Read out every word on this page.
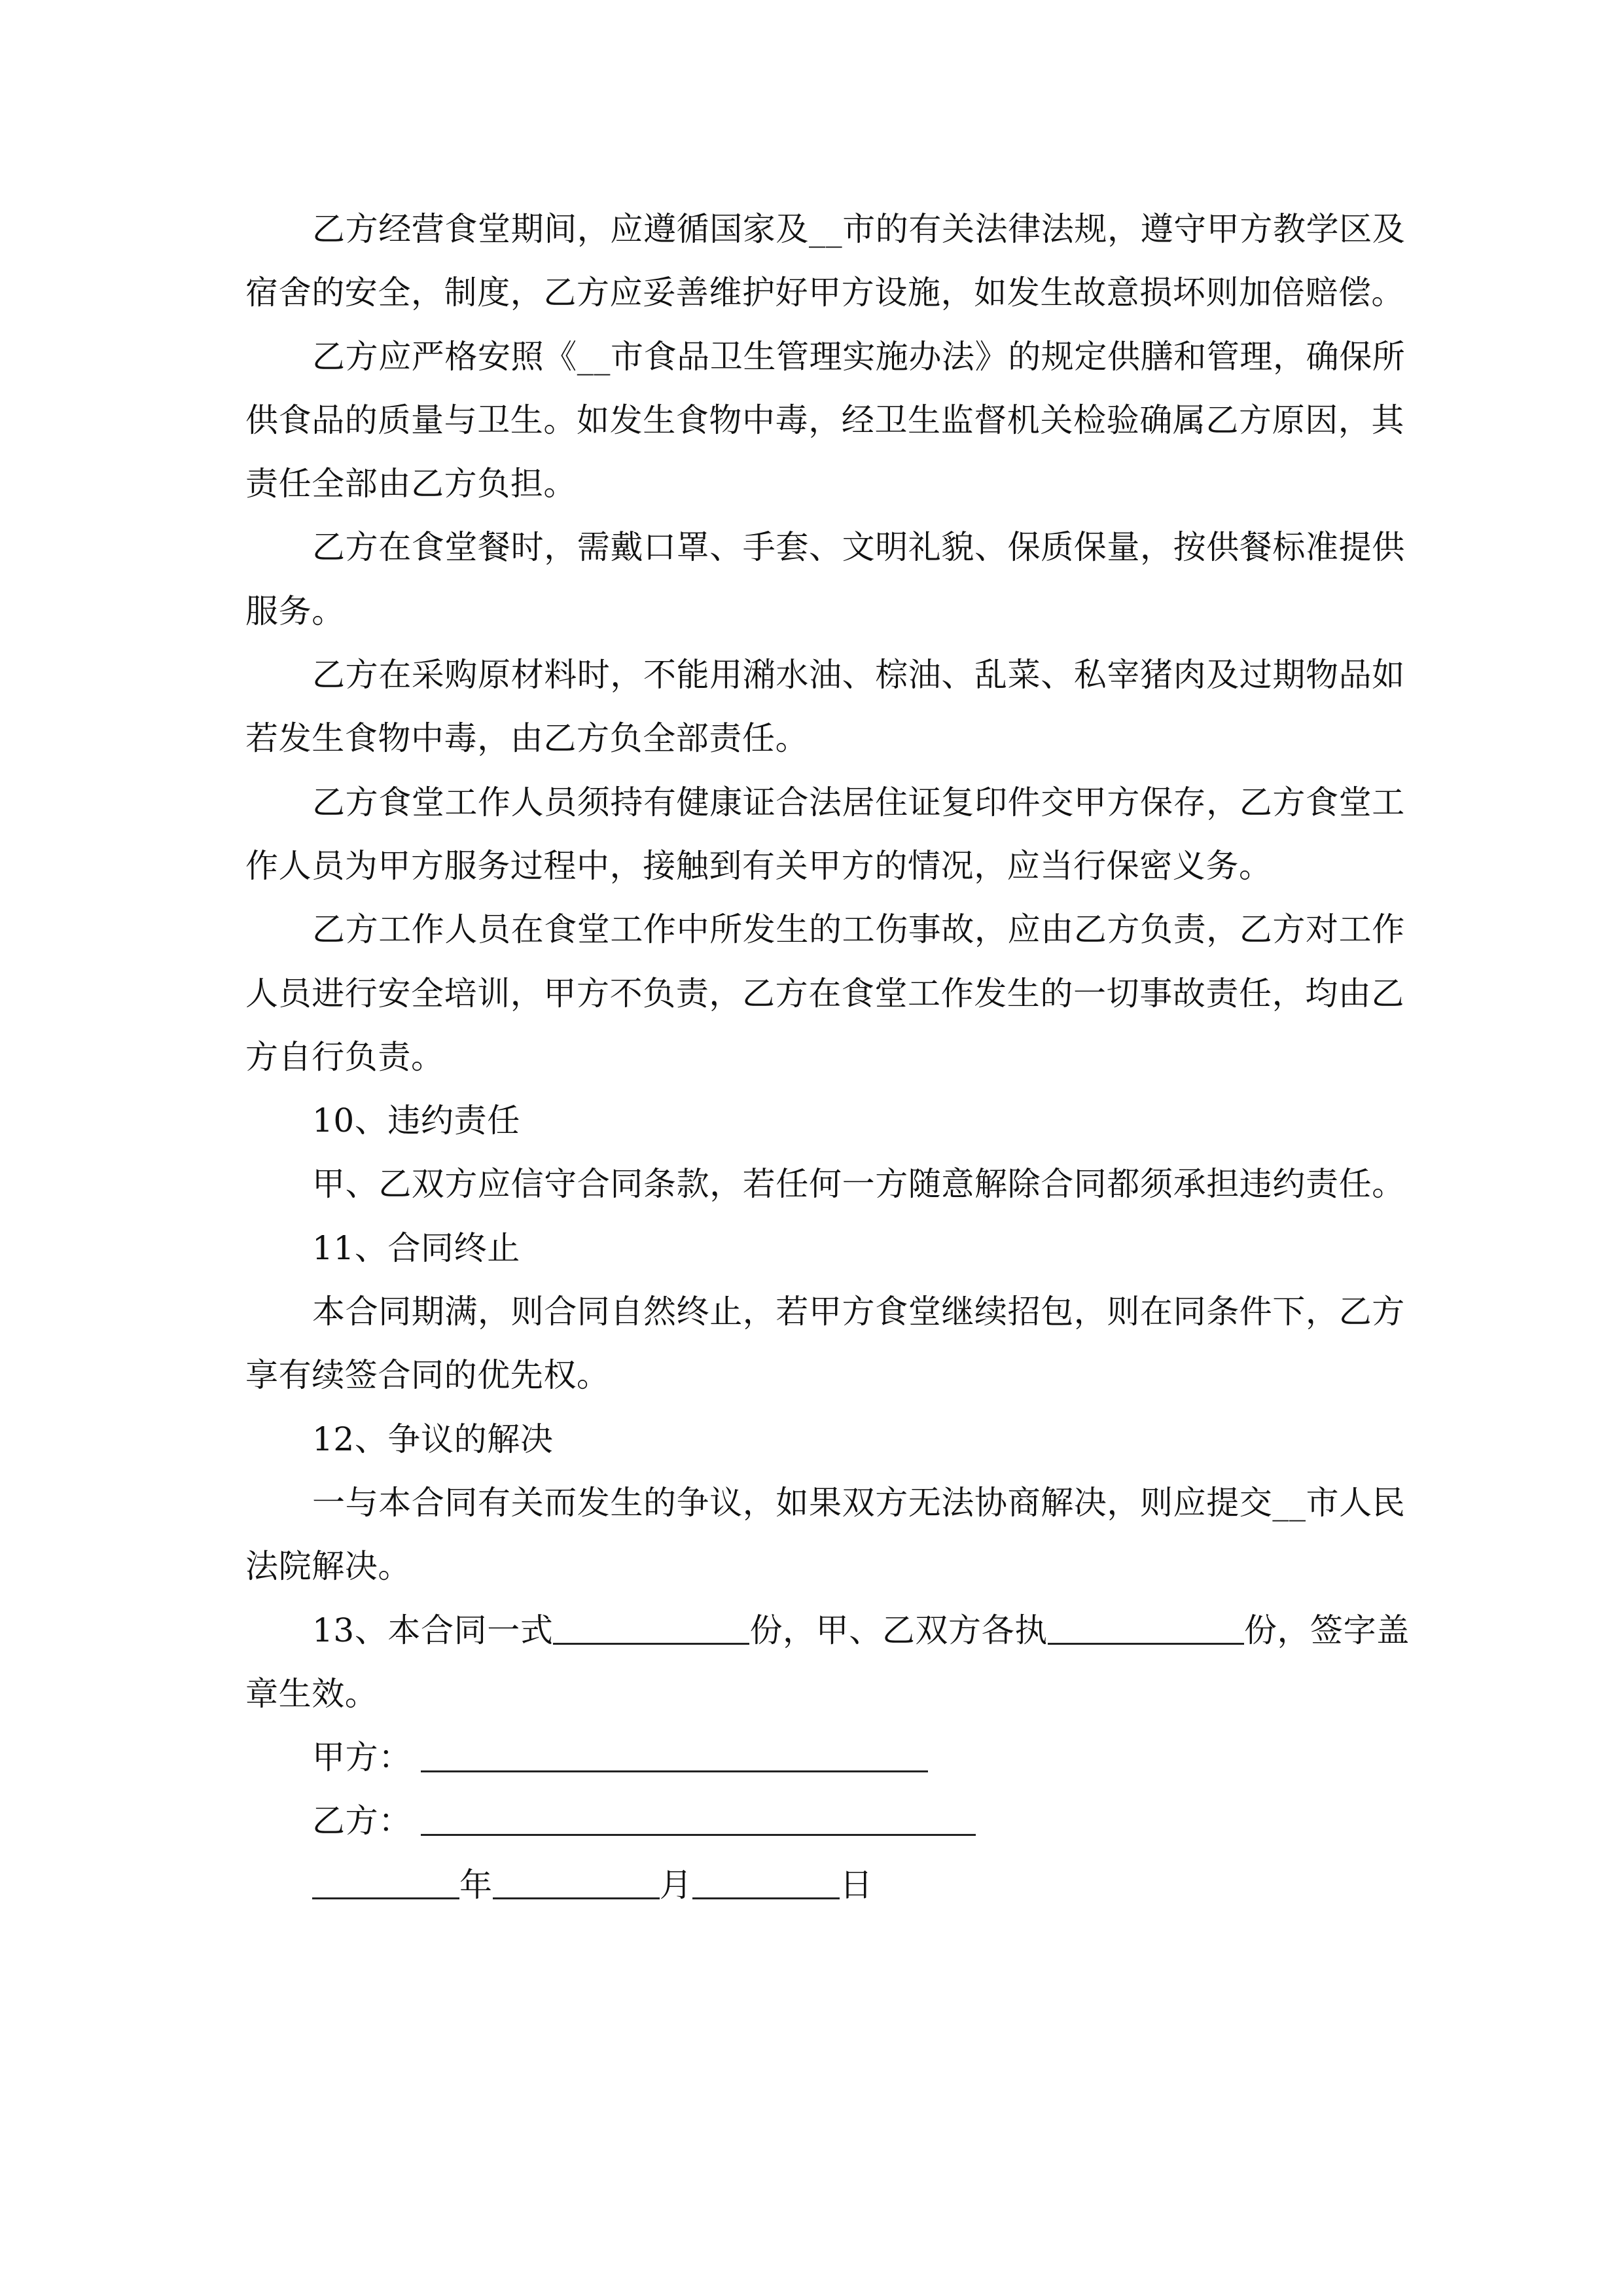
乙方经营食堂期间，应遵循国家及__市的有关法律法规，遵守甲方教学区及
宿舍的安全，制度，乙方应妥善维护好甲方设施，如发生故意损坏则加倍赔偿。
乙方应严格安照《__市食品卫生管理实施办法》的规定供膳和管理，确保所
供食品的质量与卫生。如发生食物中毒，经卫生监督机关检验确属乙方原因，其
责任全部由乙方负担。
乙方在食堂餐时，需戴口罩、手套、文明礼貌、保质保量，按供餐标准提供
服务。
乙方在采购原材料时，不能用潲水油、棕油、乱菜、私宰猪肉及过期物品如
若发生食物中毒，由乙方负全部责任。
乙方食堂工作人员须持有健康证合法居住证复印件交甲方保存，乙方食堂工
作人员为甲方服务过程中，接触到有关甲方的情况，应当行保密义务。
乙方工作人员在食堂工作中所发生的工伤事故，应由乙方负责，乙方对工作
人员进行安全培训，甲方不负责，乙方在食堂工作发生的一切事故责任，均由乙
方自行负责。
10、违约责任
甲、乙双方应信守合同条款，若任何一方随意解除合同都须承担违约责任。
11、合同终止
本合同期满，则合同自然终止，若甲方食堂继续招包，则在同条件下，乙方
享有续签合同的优先权。
12、争议的解决
一与本合同有关而发生的争议，如果双方无法协商解决，则应提交__市人民
法院解决。
13、本合同一式	份，甲、乙双方各执	份，签字盖
章生效。
甲方：
乙方：
年	月	日
